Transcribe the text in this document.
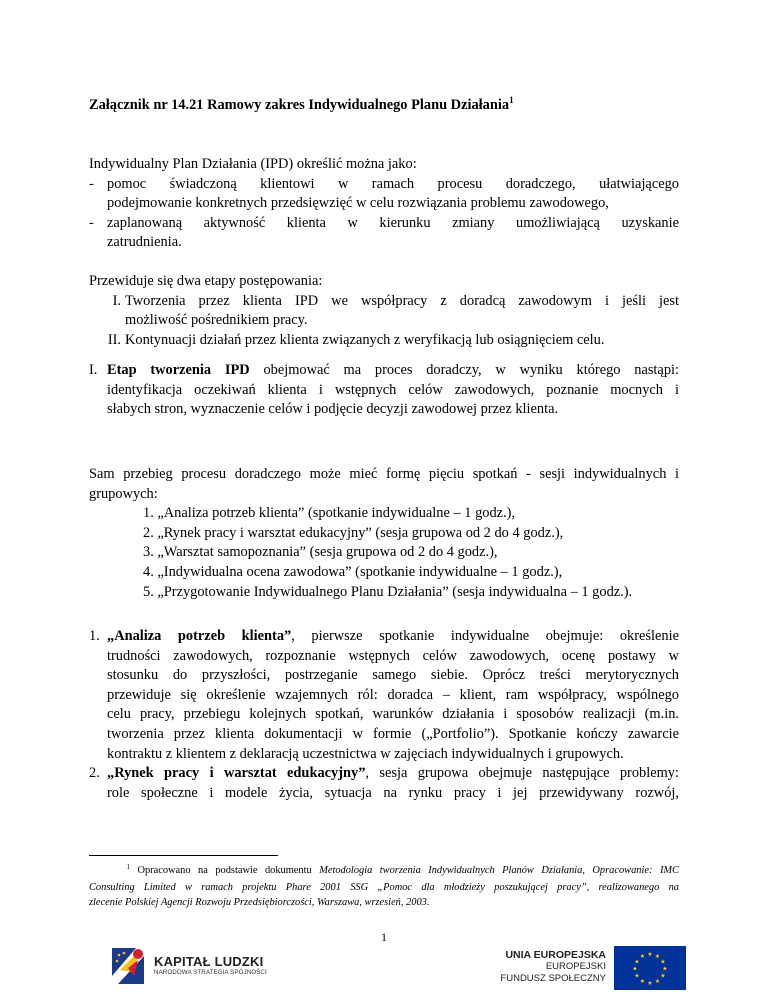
Załącznik nr 14.21 Ramowy zakres Indywidualnego Planu Działania$^1$
Indywidualny Plan Działania (IPD) określić można jako:
- pomoc świadczoną klientowi w ramach procesu doradczego, ułatwiającego
podejmowanie konkretnych przedsięwzięć w celu rozwiązania problemu zawodowego,
- zaplanowaną aktywność klienta w kierunku zmiany umożliwiającą uzyskanie
zatrudnienia.
Przewiduje się dwa etapy postępowania:
I. Tworzenia przez klienta IPD we współpracy z doradcą zawodowym i jeśli jest
możliwość pośrednikiem pracy.
II. Kontynuacji działań przez klienta związanych z weryfikacją lub osiągnięciem celu.
I. Etap tworzenia IPD obejmować ma proces doradczy, w wyniku którego nastąpi:
identyfikacja oczekiwań klienta i wstępnych celów zawodowych, poznanie mocnych i
słabych stron, wyznaczenie celów i podjęcie decyzji zawodowej przez klienta.
Sam przebieg procesu doradczego może mieć formę pięciu spotkań - sesji indywidualnych i
grupowych:
1. „Analiza potrzeb klienta” (spotkanie indywidualne – 1 godz.),
2. „Rynek pracy i warsztat edukacyjny” (sesja grupowa od 2 do 4 godz.),
3. „Warsztat samopoznania” (sesja grupowa od 2 do 4 godz.),
4. „Indywidualna ocena zawodowa” (spotkanie indywidualne – 1 godz.),
5. „Przygotowanie Indywidualnego Planu Działania” (sesja indywidualna – 1 godz.).
1. „Analiza potrzeb klienta”, pierwsze spotkanie indywidualne obejmuje: określenie
trudności zawodowych, rozpoznanie wstępnych celów zawodowych, ocenę postawy w
stosunku do przyszłości, postrzeganie samego siebie. Oprócz treści merytorycznych
przewiduje się określenie wzajemnych ról: doradca – klient, ram współpracy, wspólnego
celu pracy, przebiegu kolejnych spotkań, warunków działania i sposobów realizacji (m.in.
tworzenia przez klienta dokumentacji w formie („Portfolio”). Spotkanie kończy zawarcie
kontraktu z klientem z deklaracją uczestnictwa w zajęciach indywidualnych i grupowych.
2. „Rynek pracy i warsztat edukacyjny”, sesja grupowa obejmuje następujące problemy:
role społeczne i modele życia, sytuacja na rynku pracy i jej przewidywany rozwój,
$^1$ Opracowano na podstawie dokumentu Metodologia tworzenia Indywidualnych Planów Działania, Opracowanie: IMC
Consulting Limited w ramach projektu Phare 2001 SSG „Pomoc dla młodzieży poszukującej pracy”, realizowanego na
zlecenie Polskiej Agencji Rozwoju Przedsiębiorczości, Warszawa, wrzesień, 2003.
1
KAPITAŁ LUDZKI
NARODOWA STRATEGIA SPÓJNOŚCI
UNIA EUROPEJSKA
EUROPEJSKI
FUNDUSZ SPOŁECZNY
★ ★
★
★
★
★
★
★
★
★
★
★
